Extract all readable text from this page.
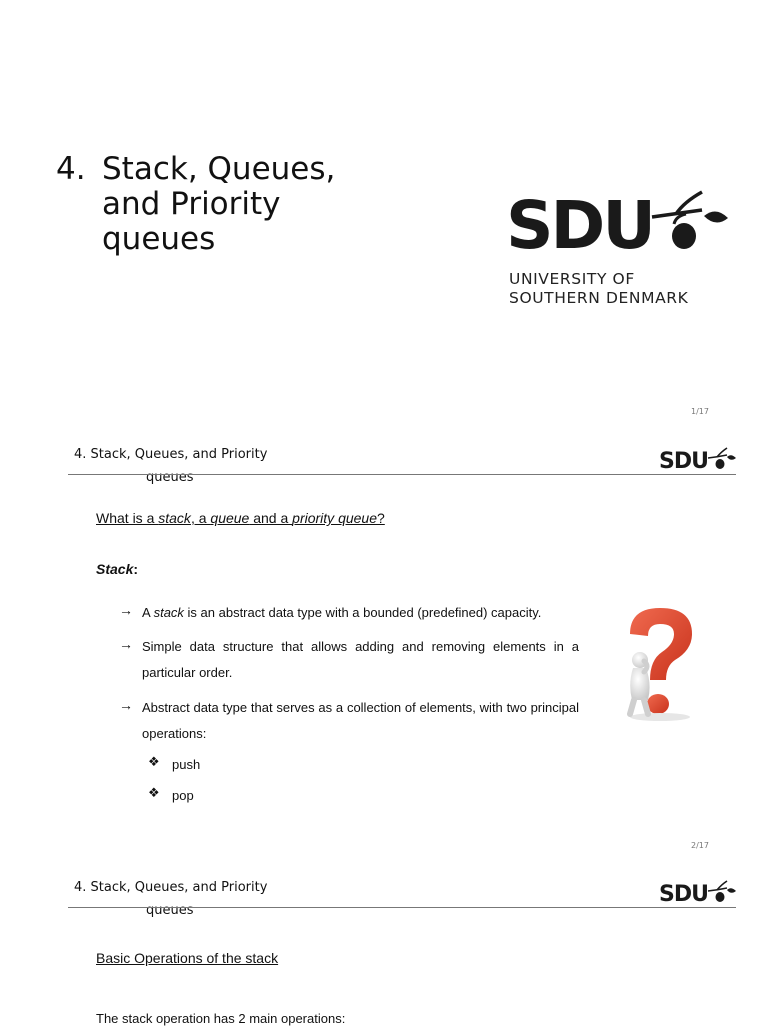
4. Stack, Queues, and Priority queues	SDU
UNIVERSITY OF
SOUTHERN DENMARK
1/17
4. Stack, Queues, and Priority
queues
SDU
What is a stack, a queue and a priority queue?
Stack:
→ A stack is an abstract data type with a bounded (predefined) capacity.
→ Simple data structure that allows adding and removing elements in a particular order.
→ Abstract data type that serves as a collection of elements, with two principal operations:
❖ push
❖ pop
2/17
4. Stack, Queues, and Priority
queues
SDU
Basic Operations of the stack
The stack operation has 2 main operations:
